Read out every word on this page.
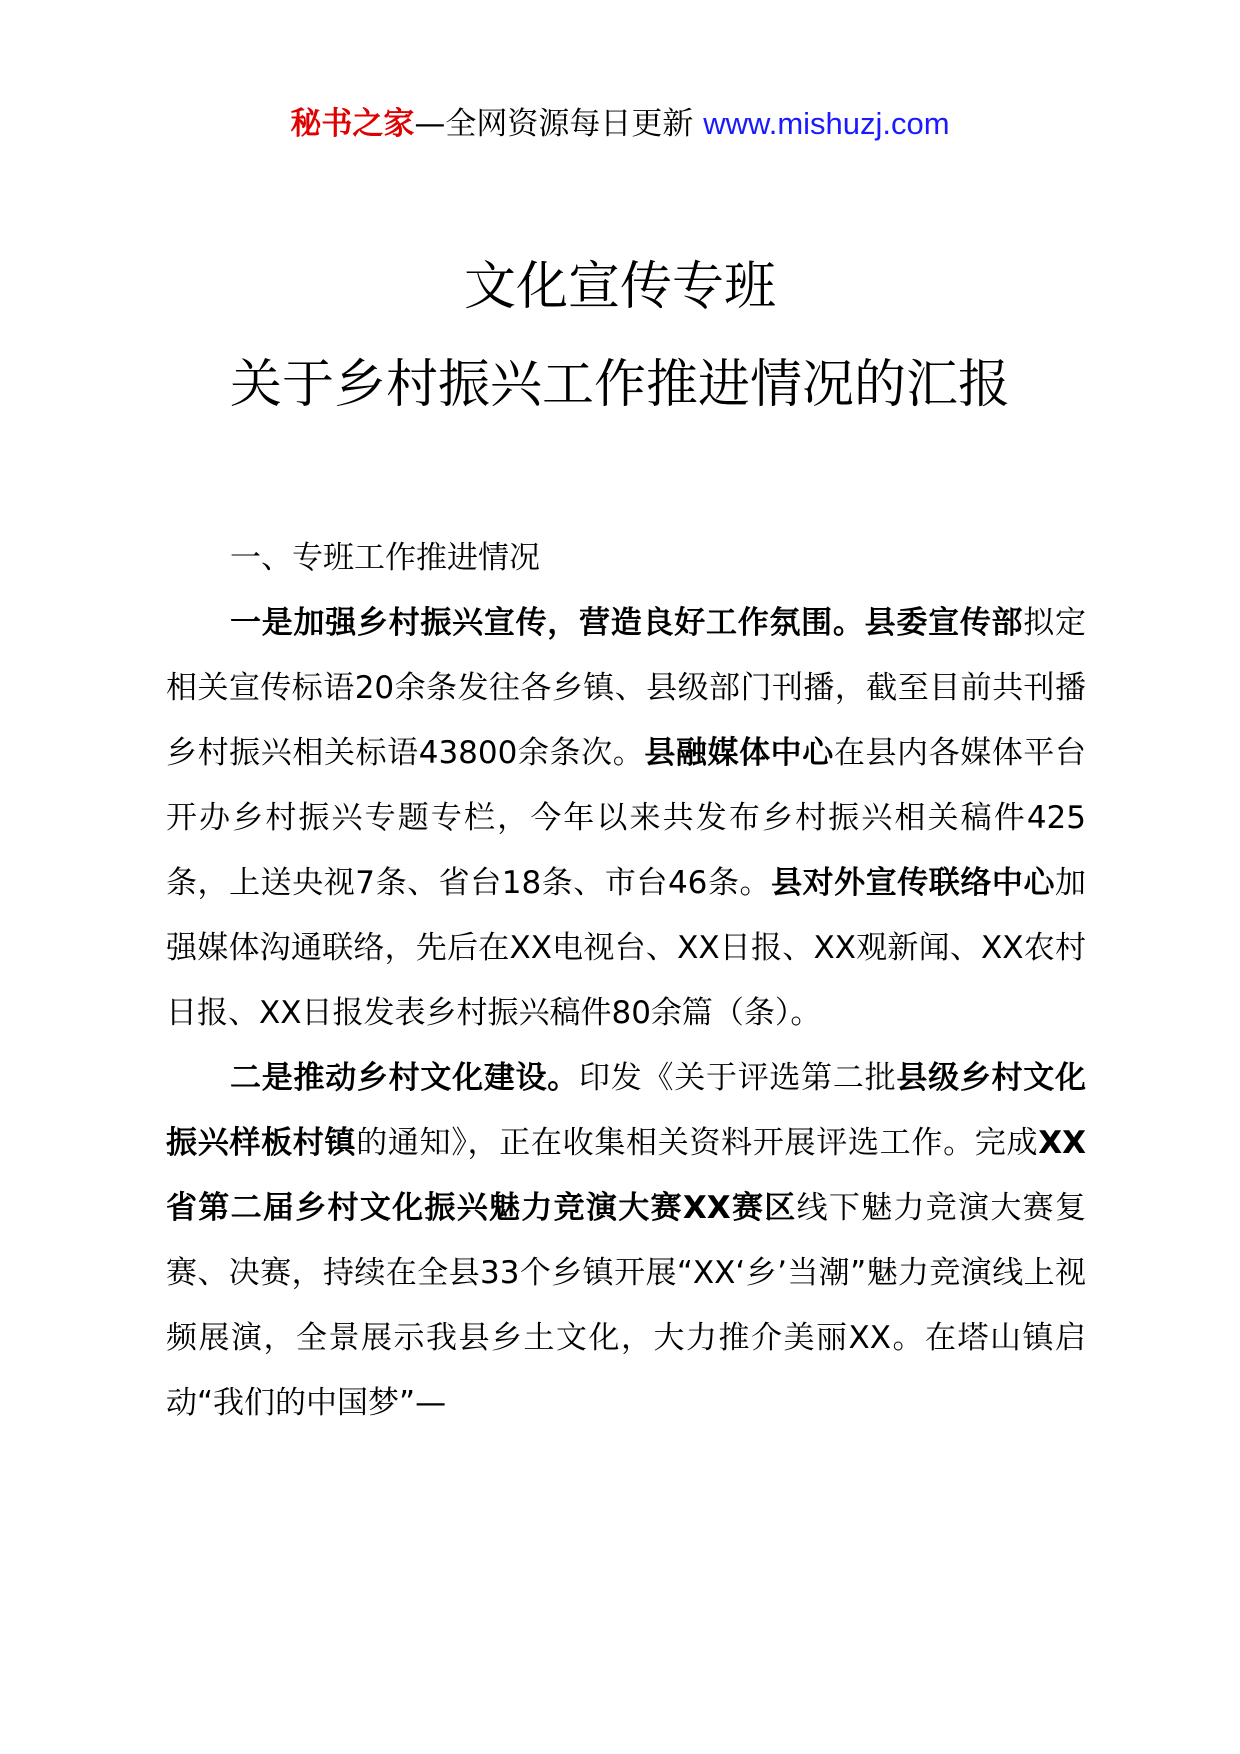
秘书之家—全网资源每日更新 www.mishuzj.com
文化宣传专班
关于乡村振兴工作推进情况的汇报

一、专班工作推进情况

一是加强乡村振兴宣传，营造良好工作氛围。县委宣传部拟定相关宣传标语20余条发往各乡镇、县级部门刊播，截至目前共刊播乡村振兴相关标语43800余条次。县融媒体中心在县内各媒体平台开办乡村振兴专题专栏，今年以来共发布乡村振兴相关稿件425条，上送央视7条、省台18条、市台46条。县对外宣传联络中心加强媒体沟通联络，先后在XX电视台、XX日报、XX观新闻、XX农村日报、XX日报发表乡村振兴稿件80余篇（条）。

二是推动乡村文化建设。印发《关于评选第二批县级乡村文化振兴样板村镇的通知》，正在收集相关资料开展评选工作。完成XX省第二届乡村文化振兴魅力竞演大赛XX赛区线下魅力竞演大赛复赛、决赛，持续在全县33个乡镇开展“XX‘乡’当潮”魅力竞演线上视频展演，全景展示我县乡土文化，大力推介美丽XX。在塔山镇启动“我们的中国梦”—
